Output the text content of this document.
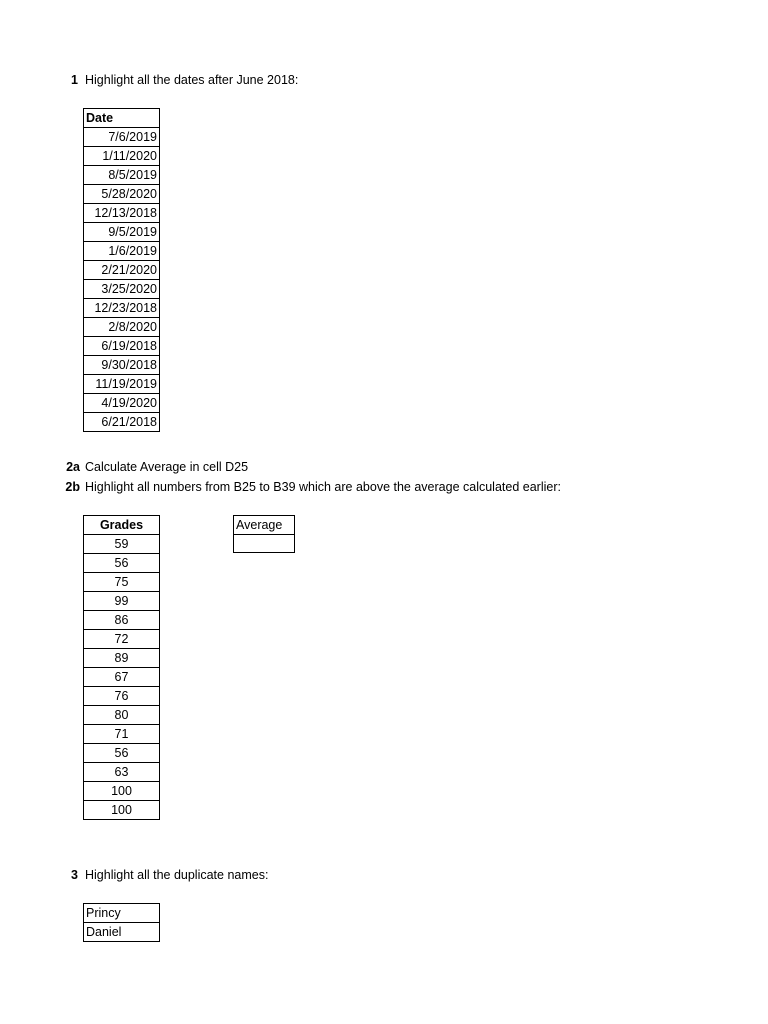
1 Highlight all the dates after June 2018:
Date
7/6/2019
1/11/2020
8/5/2019
5/28/2020
12/13/2018
9/5/2019
1/6/2019
2/21/2020
3/25/2020
12/23/2018
2/8/2020
6/19/2018
9/30/2018
11/19/2019
4/19/2020
6/21/2018
2a Calculate Average in cell D25
2b Highlight all numbers from B25 to B39 which are above the average calculated earlier:
Grades
59
56
75
99
86
72
89
67
76
80
71
56
63
100
100
Average

3 Highlight all the duplicate names:
Princy
Daniel
